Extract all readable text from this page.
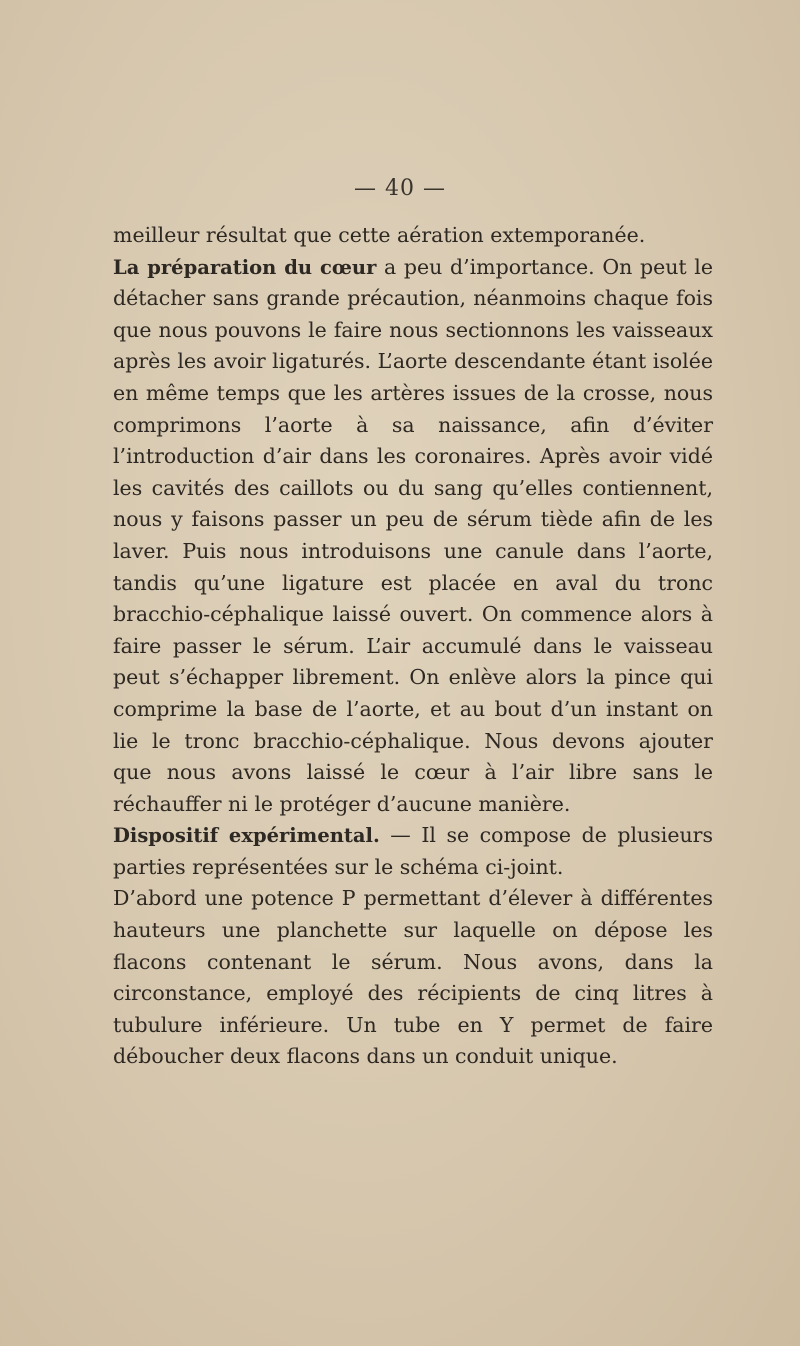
— 40 —

meilleur résultat que cette aération extemporanée.

La préparation du cœur a peu d’importance. On peut le détacher sans grande précaution, néanmoins chaque fois que nous pouvons le faire nous sectionnons les vaisseaux après les avoir ligaturés. L’aorte descendante étant isolée en même temps que les artères issues de la crosse, nous comprimons l’aorte à sa naissance, afin d’éviter l’introduction d’air dans les coronaires. Après avoir vidé les cavités des caillots ou du sang qu’elles contiennent, nous y faisons passer un peu de sérum tiède afin de les laver. Puis nous introduisons une canule dans l’aorte, tandis qu’une ligature est placée en aval du tronc bracchio-céphalique laissé ouvert. On commence alors à faire passer le sérum. L’air accumulé dans le vaisseau peut s’échapper librement. On enlève alors la pince qui comprime la base de l’aorte, et au bout d’un instant on lie le tronc bracchio-céphalique. Nous devons ajouter que nous avons laissé le cœur à l’air libre sans le réchauffer ni le protéger d’aucune manière.

Dispositif expérimental. — Il se compose de plusieurs parties représentées sur le schéma ci-joint.

D’abord une potence P permettant d’élever à différentes hauteurs une planchette sur laquelle on dépose les flacons contenant le sérum. Nous avons, dans la circonstance, employé des récipients de cinq litres à tubulure inférieure. Un tube en Y permet de faire déboucher deux flacons dans un conduit unique.
